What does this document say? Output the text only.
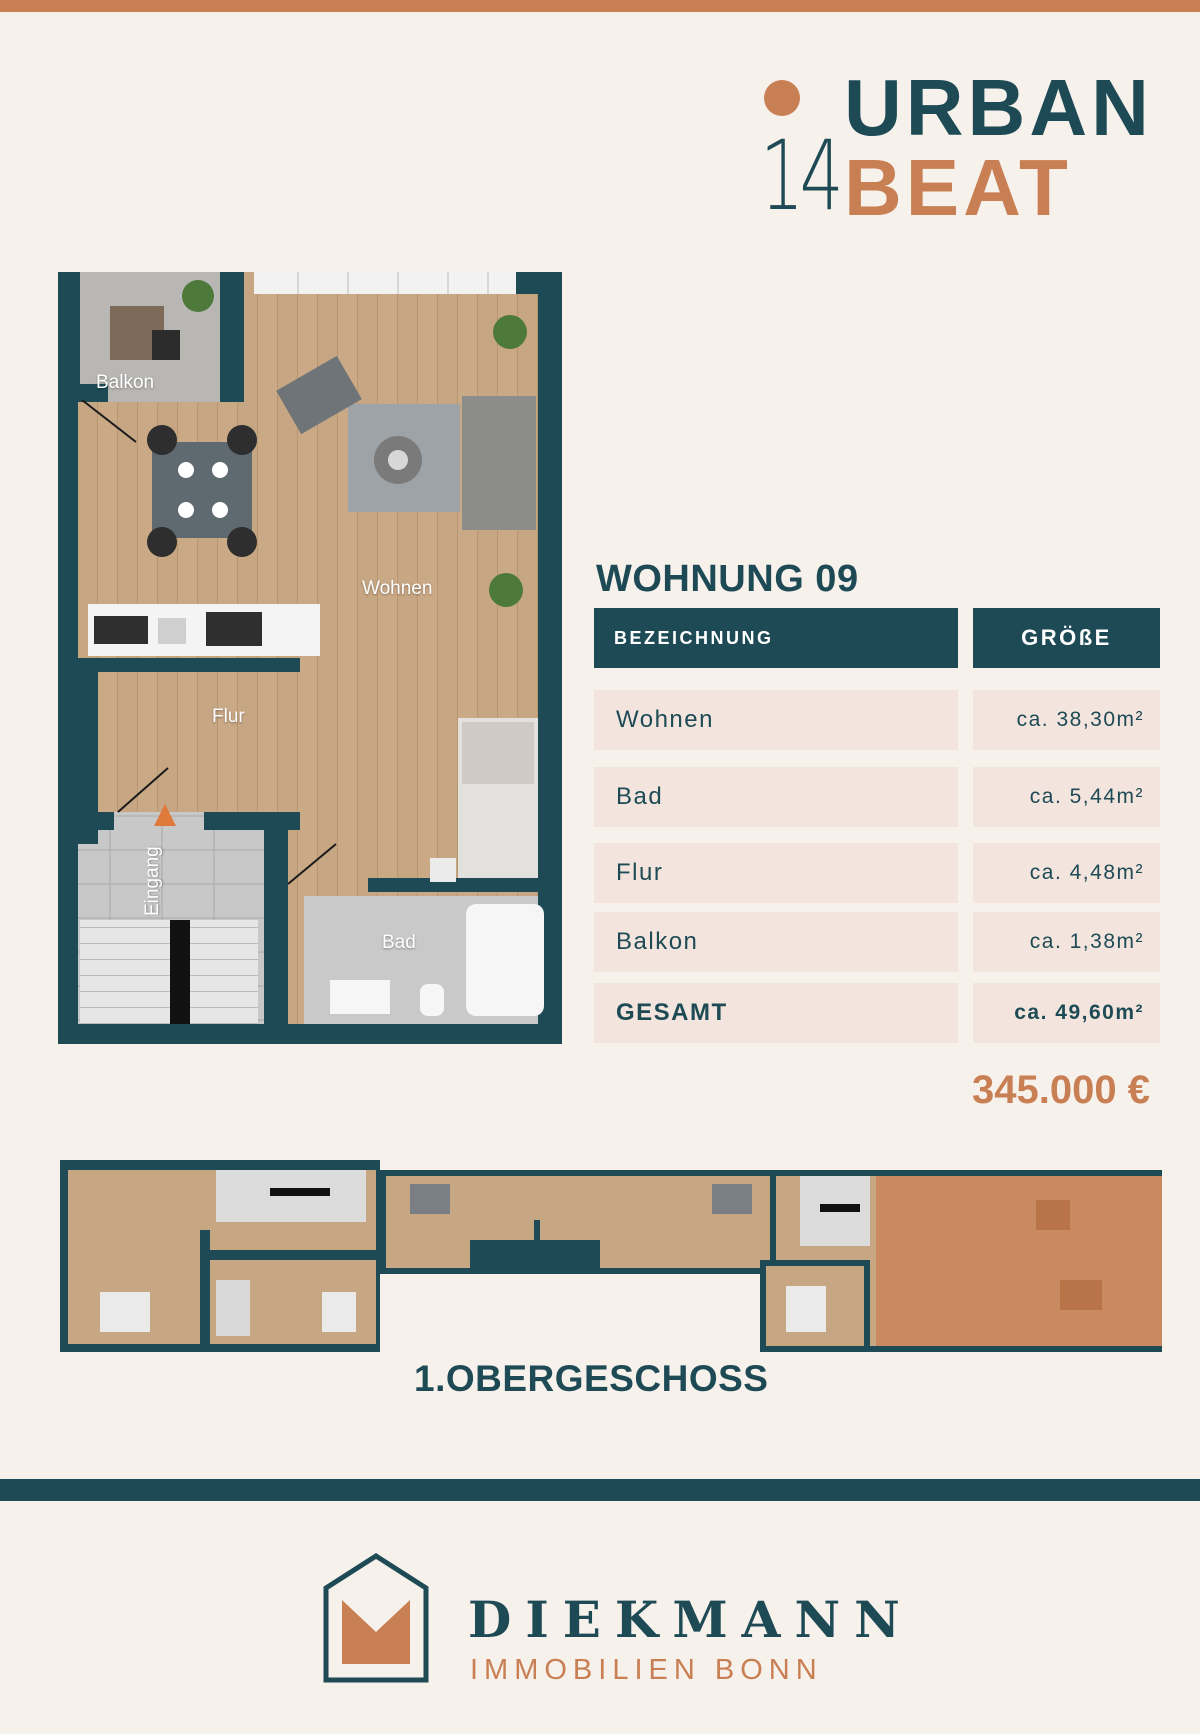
14
URBAN
BEAT
Balkon
Wohnen
Flur
Eingang
Bad
WOHNUNG 09
BEZEICHNUNG	GRÖßE
Wohnen	ca. 38,30m²
Bad	ca. 5,44m²
Flur	ca. 4,48m²
Balkon	ca. 1,38m²
GESAMT	ca. 49,60m²
345.000 €
1.OBERGESCHOSS
DIEKMANN
IMMOBILIEN BONN
